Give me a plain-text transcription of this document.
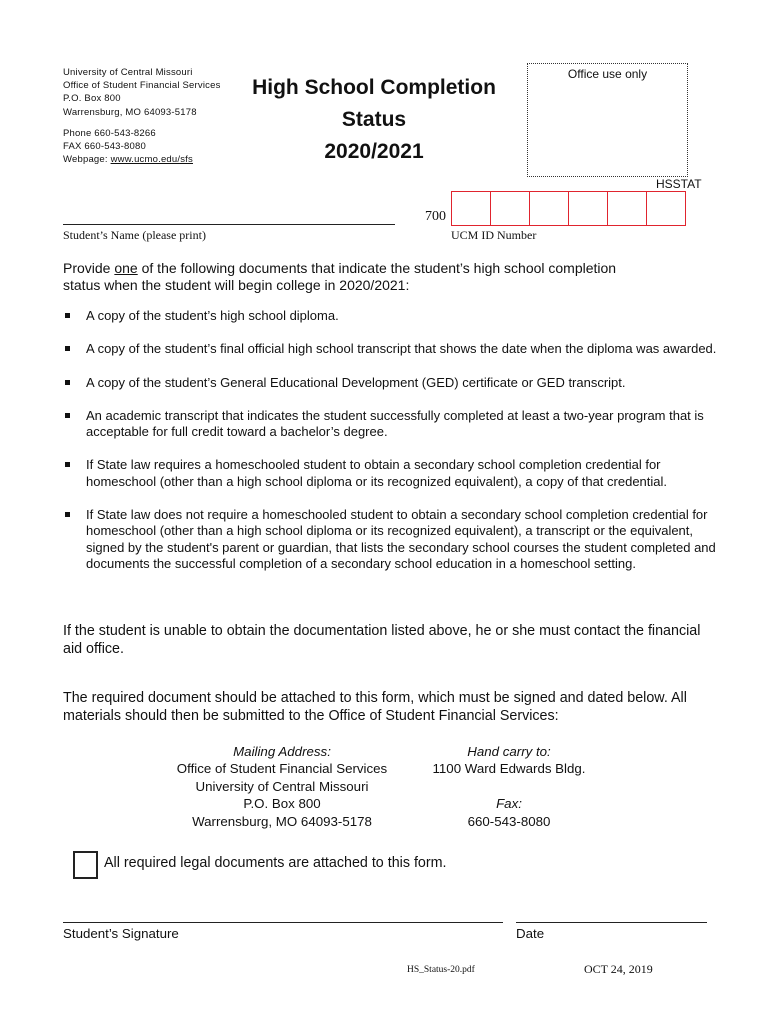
University of Central Missouri
Office of Student Financial Services
P.O. Box 800
Warrensburg, MO 64093-5178
Phone 660-543-8266
FAX 660-543-8080
Webpage: www.ucmo.edu/sfs
High School Completion
Status
2020/2021
Office use only
HSSTAT
Student’s Name (please print)
700
UCM ID Number
Provide one of the following documents that indicate the student’s high school completion status when the student will begin college in 2020/2021:
A copy of the student’s high school diploma.
A copy of the student’s final official high school transcript that shows the date when the diploma was awarded.
A copy of the student’s General Educational Development (GED) certificate or GED transcript.
An academic transcript that indicates the student successfully completed at least a two-year program that is acceptable for full credit toward a bachelor’s degree.
If State law requires a homeschooled student to obtain a secondary school completion credential for homeschool (other than a high school diploma or its recognized equivalent), a copy of that credential.
If State law does not require a homeschooled student to obtain a secondary school completion credential for homeschool (other than a high school diploma or its recognized equivalent), a transcript or the equivalent, signed by the student's parent or guardian, that lists the secondary school courses the student completed and documents the successful completion of a secondary school education in a homeschool setting.
If the student is unable to obtain the documentation listed above, he or she must contact the financial aid office.
The required document should be attached to this form, which must be signed and dated below. All materials should then be submitted to the Office of Student Financial Services:
Mailing Address:
Office of Student Financial Services
University of Central Missouri
P.O. Box 800
Warrensburg, MO 64093-5178
Hand carry to:
1100 Ward Edwards Bldg.
Fax:
660-543-8080
All required legal documents are attached to this form.
Student’s Signature	Date
HS_Status-20.pdf	OCT 24, 2019
